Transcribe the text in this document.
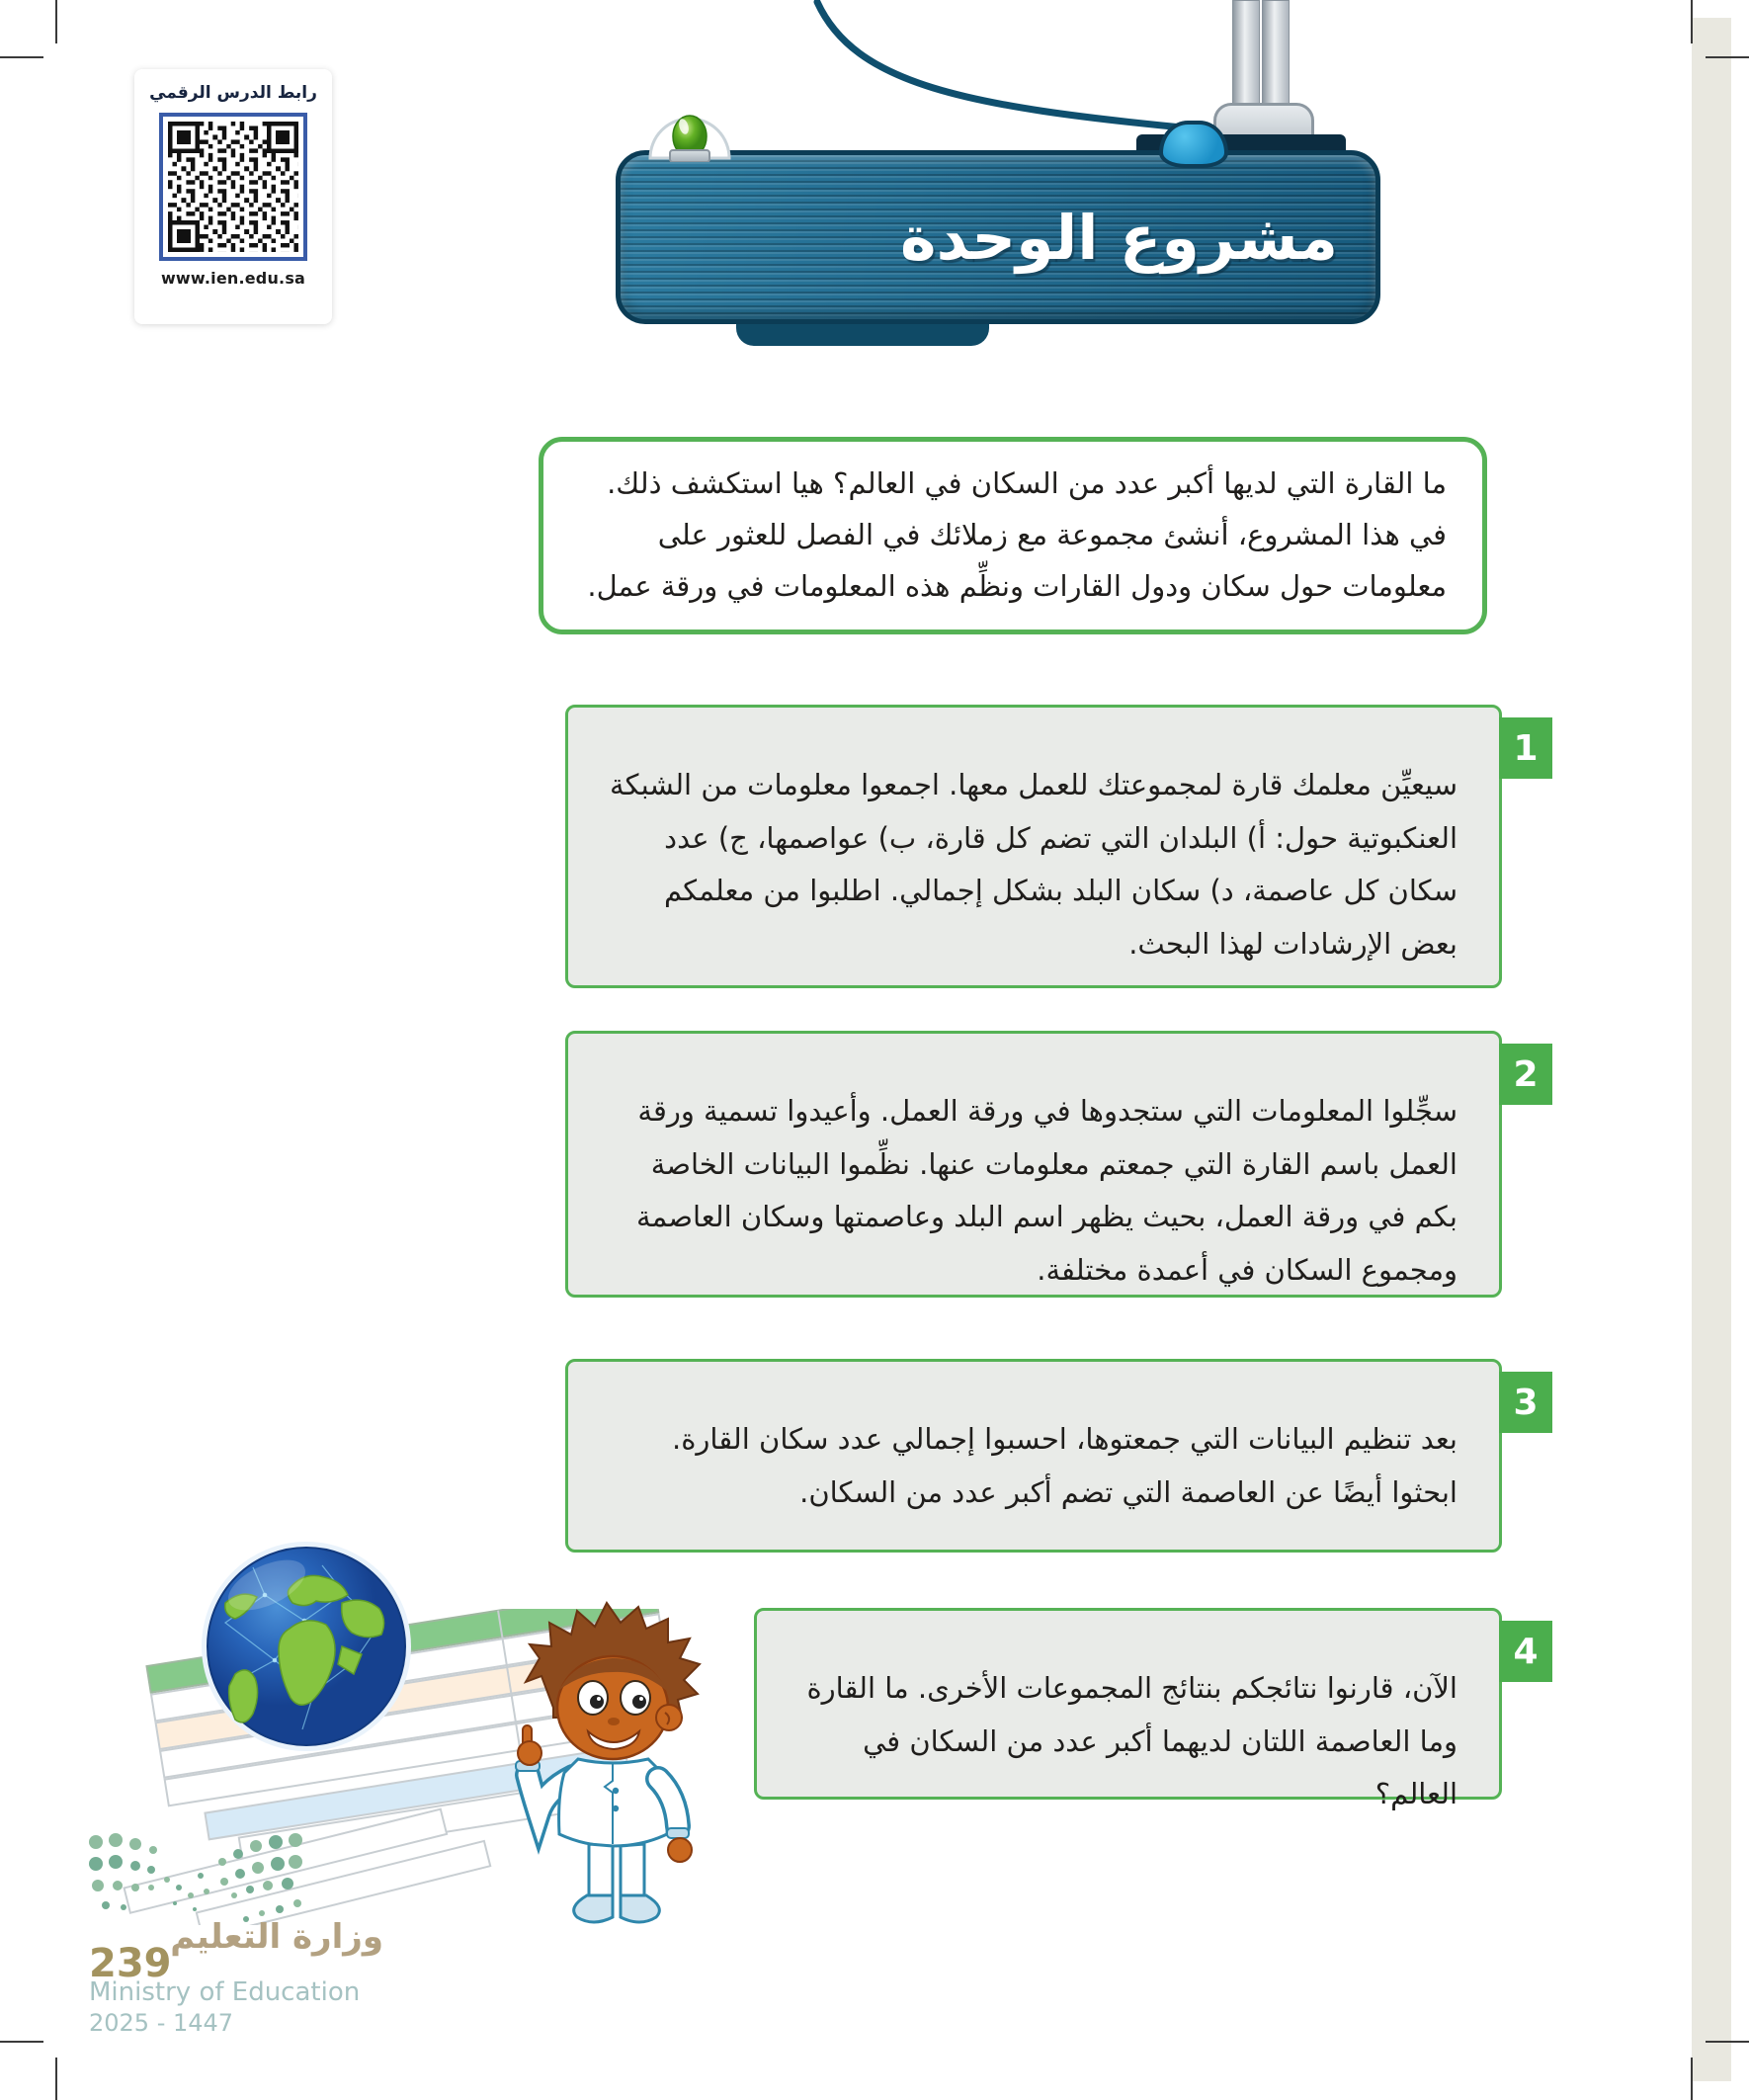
رابط الدرس الرقمي
www.ien.edu.sa
مشروع الوحدة

ما القارة التي لديها أكبر عدد من السكان في العالم؟ هيا استكشف ذلك.

في هذا المشروع، أنشئ مجموعة مع زملائك في الفصل للعثور على معلومات حول سكان ودول القارات ونظِّم هذه المعلومات في ورقة عمل.

1
سيعيِّن معلمك قارة لمجموعتك للعمل معها. اجمعوا معلومات من الشبكة العنكبوتية حول: أ) البلدان التي تضم كل قارة، ب) عواصمها، ج) عدد سكان كل عاصمة، د) سكان البلد بشكل إجمالي. اطلبوا من معلمكم بعض الإرشادات لهذا البحث.
2
سجِّلوا المعلومات التي ستجدوها في ورقة العمل. وأعيدوا تسمية ورقة العمل باسم القارة التي جمعتم معلومات عنها. نظِّموا البيانات الخاصة بكم في ورقة العمل، بحيث يظهر اسم البلد وعاصمتها وسكان العاصمة ومجموع السكان في أعمدة مختلفة.
3
بعد تنظيم البيانات التي جمعتوها، احسبوا إجمالي عدد سكان القارة. ابحثوا أيضًا عن العاصمة التي تضم أكبر عدد من السكان.
4
الآن، قارنوا نتائجكم بنتائج المجموعات الأخرى. ما القارة وما العاصمة اللتان لديهما أكبر عدد من السكان في العالم؟
وزارة التعليم
239
Ministry of Education
2025 - 1447
